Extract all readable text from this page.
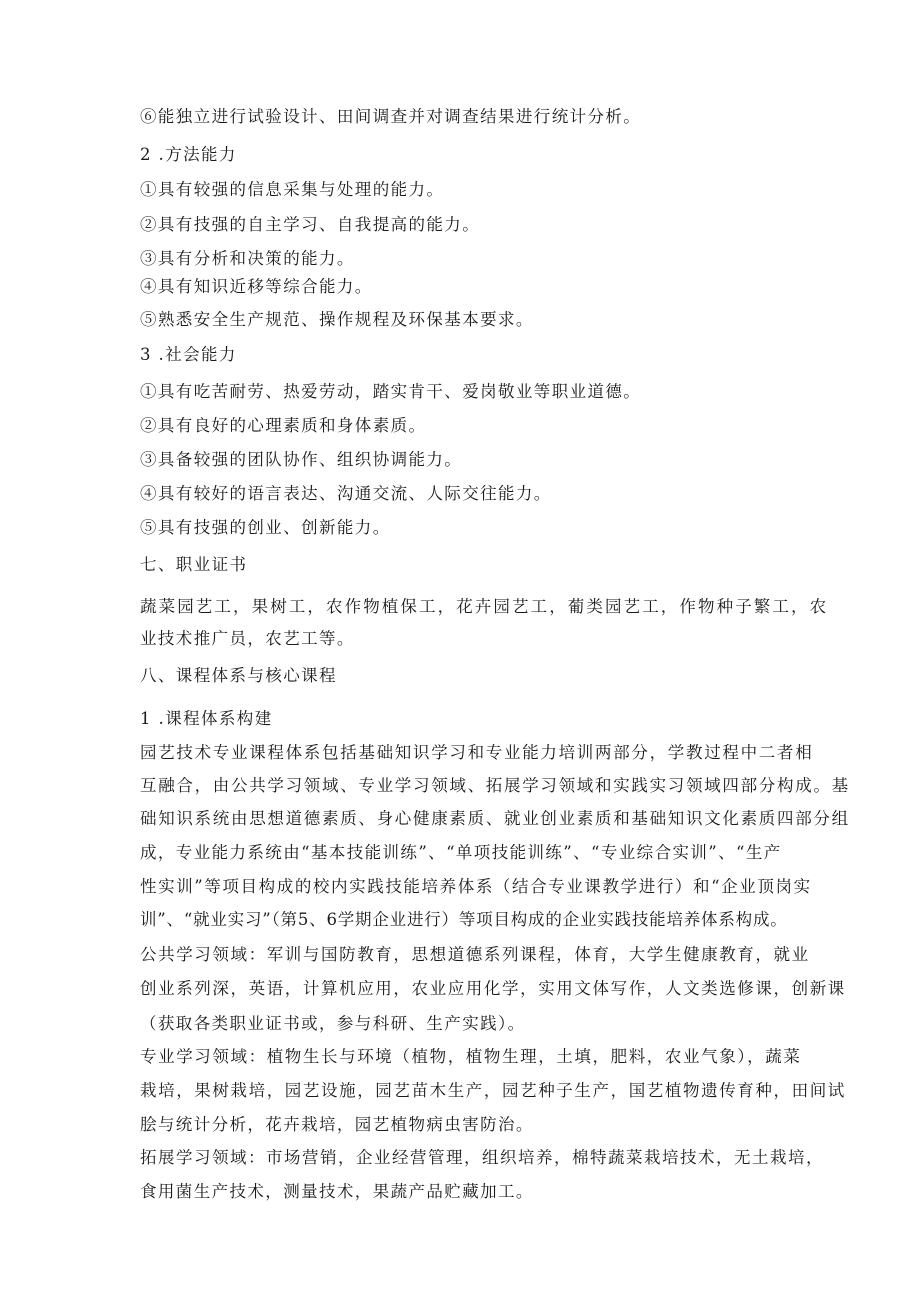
⑥能独立进行试验设计、田间调查并对调查结果进行统计分析。
2 .方法能力
①具有较强的信息采集与处理的能力。
②具有技强的自主学习、自我提高的能力。
③具有分析和决策的能力。
④具有知识近移等综合能力。
⑤熟悉安全生产规范、操作规程及环保基本要求。
3 .社会能力
①具有吃苦耐劳、热爱劳动，踏实肯干、爱岗敬业等职业道德。
②具有良好的心理素质和身体素质。
③具备较强的团队协作、组织协调能力。
④具有较好的语言表达、沟通交流、人际交往能力。
⑤具有技强的创业、创新能力。
七、职业证书
蔬菜园艺工，果树工，农作物植保工，花卉园艺工，葡类园艺工，作物种子繁工，农
业技术推广员，农艺工等。
八、课程体系与核心课程
1 .课程体系构建
园艺技术专业课程体系包括基础知识学习和专业能力培训两部分，学教过程中二者相
互融合，由公共学习领域、专业学习领域、拓展学习领域和实践实习领域四部分构成。基
础知识系统由思想道德素质、身心健康素质、就业创业素质和基础知识文化素质四部分组
成，专业能力系统由“基本技能训练”、“单项技能训练”、“专业综合实训”、“生产
性实训”等项目构成的校内实践技能培养体系（结合专业课教学进行）和“企业顶岗实
训”、“就业实习”（第5、6学期企业进行）等项目构成的企业实践技能培养体系构成。
公共学习领域：军训与国防教育，思想道德系列课程，体育，大学生健康教育，就业
创业系列深，英语，计算机应用，农业应用化学，实用文体写作，人文类选修课，创新课
（获取各类职业证书或，参与科研、生产实践）。
专业学习领域：植物生长与环境（植物，植物生理，土填，肥料，农业气象），蔬菜
栽培，果树栽培，园艺设施，园艺苗木生产，园艺种子生产，国艺植物遗传育种，田间试
脍与统计分析，花卉栽培，园艺植物病虫害防治。
拓展学习领域：市场营销，企业经营管理，组织培养，棉特蔬菜栽培技术，无土栽培，
食用菌生产技术，测量技术，果蔬产品贮藏加工。
